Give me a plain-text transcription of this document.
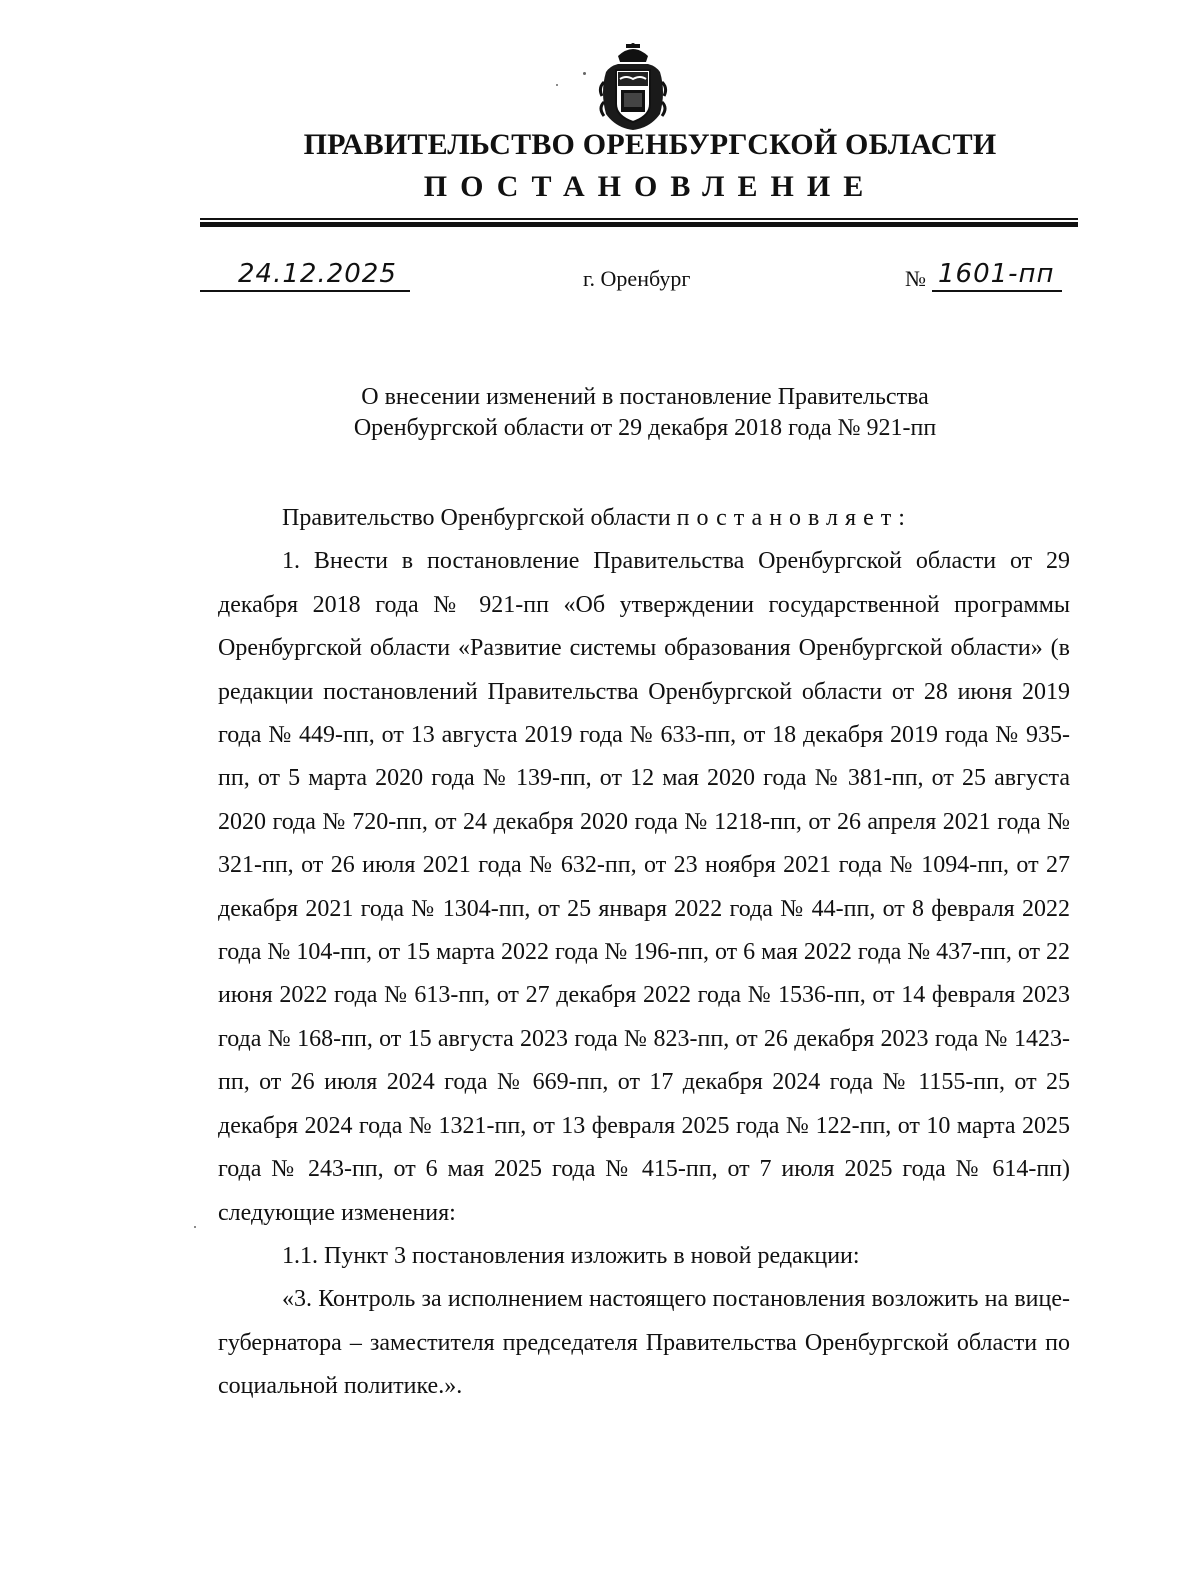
ПРАВИТЕЛЬСТВО ОРЕНБУРГСКОЙ ОБЛАСТИ
ПОСТАНОВЛЕНИЕ
24.12.2025	г. Оренбург	№ 1601-пп
О внесении изменений в постановление Правительства
Оренбургской области от 29 декабря 2018 года № 921-пп

Правительство Оренбургской области постановляет:

1. Внести в постановление Правительства Оренбургской области от 29 декабря 2018 года № 921-пп «Об утверждении государственной программы Оренбургской области «Развитие системы образования Оренбургской области» (в редакции постановлений Правительства Оренбургской области от 28 июня 2019 года № 449-пп, от 13 августа 2019 года № 633-пп, от 18 декабря 2019 года № 935-пп, от 5 марта 2020 года № 139-пп, от 12 мая 2020 года № 381-пп, от 25 августа 2020 года № 720-пп, от 24 декабря 2020 года № 1218-пп, от 26 апреля 2021 года № 321-пп, от 26 июля 2021 года № 632-пп, от 23 ноября 2021 года № 1094-пп, от 27 декабря 2021 года № 1304-пп, от 25 января 2022 года № 44-пп, от 8 февраля 2022 года № 104-пп, от 15 марта 2022 года № 196-пп, от 6 мая 2022 года № 437-пп, от 22 июня 2022 года № 613-пп, от 27 декабря 2022 года № 1536-пп, от 14 февраля 2023 года № 168-пп, от 15 августа 2023 года № 823-пп, от 26 декабря 2023 года № 1423-пп, от 26 июля 2024 года № 669-пп, от 17 декабря 2024 года № 1155-пп, от 25 декабря 2024 года № 1321-пп, от 13 февраля 2025 года № 122-пп, от 10 марта 2025 года № 243-пп, от 6 мая 2025 года № 415-пп, от 7 июля 2025 года № 614-пп) следующие изменения:

1.1. Пункт 3 постановления изложить в новой редакции:

«3. Контроль за исполнением настоящего постановления возложить на вице-губернатора – заместителя председателя Правительства Оренбургской области по социальной политике.».
